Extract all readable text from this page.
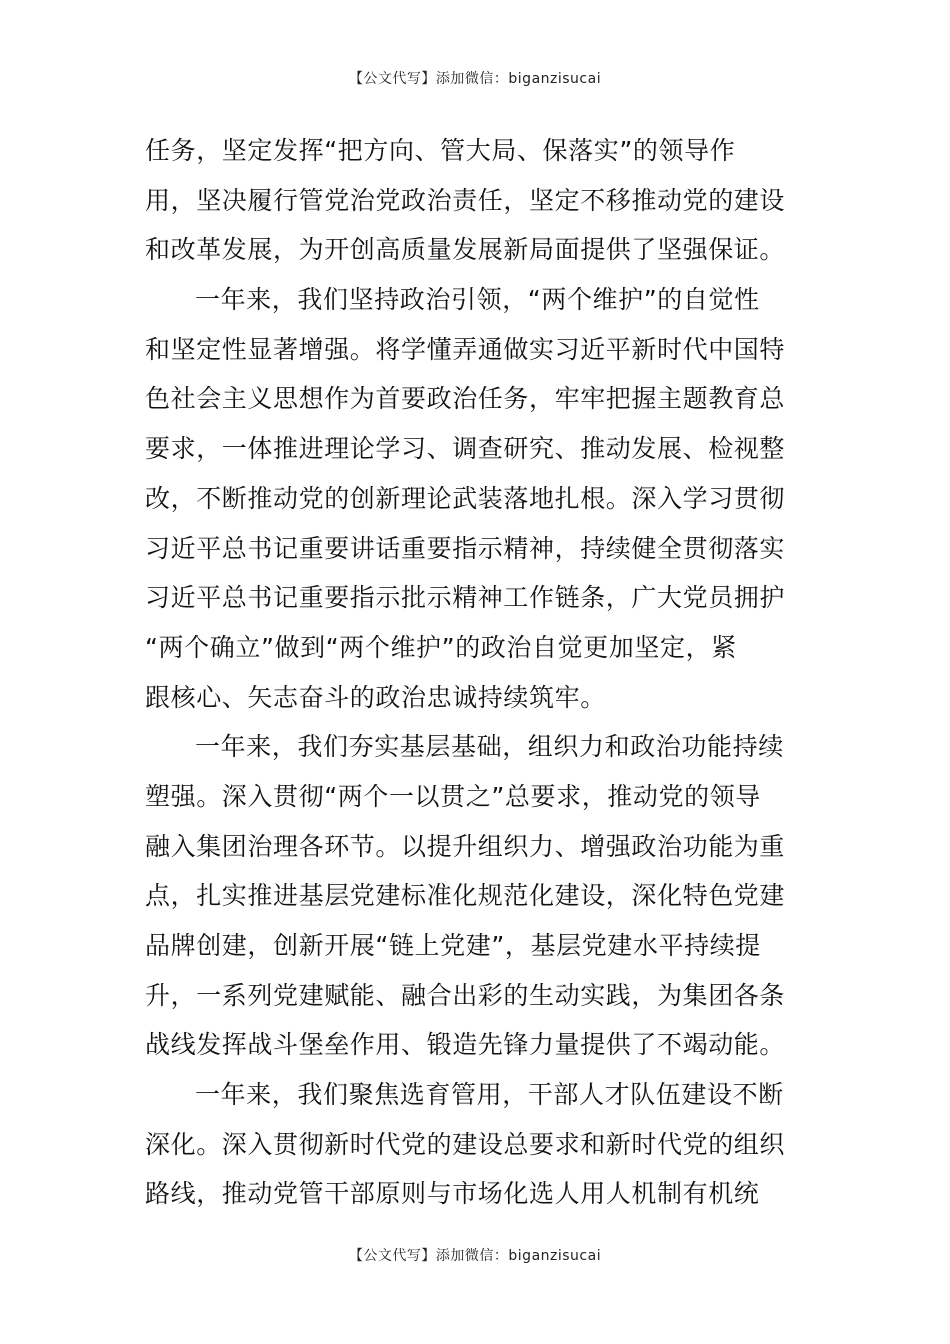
【公文代写】添加微信：biganzisucai
任务，坚定发挥“把方向、管大局、保落实”的领导作
用，坚决履行管党治党政治责任，坚定不移推动党的建设
和改革发展，为开创高质量发展新局面提供了坚强保证。
一年来，我们坚持政治引领，“两个维护”的自觉性
和坚定性显著增强。将学懂弄通做实习近平新时代中国特
色社会主义思想作为首要政治任务，牢牢把握主题教育总
要求，一体推进理论学习、调查研究、推动发展、检视整
改，不断推动党的创新理论武装落地扎根。深入学习贯彻
习近平总书记重要讲话重要指示精神，持续健全贯彻落实
习近平总书记重要指示批示精神工作链条，广大党员拥护
“两个确立”做到“两个维护”的政治自觉更加坚定，紧
跟核心、矢志奋斗的政治忠诚持续筑牢。
一年来，我们夯实基层基础，组织力和政治功能持续
塑强。深入贯彻“两个一以贯之”总要求，推动党的领导
融入集团治理各环节。以提升组织力、增强政治功能为重
点，扎实推进基层党建标准化规范化建设，深化特色党建
品牌创建，创新开展“链上党建”，基层党建水平持续提
升，一系列党建赋能、融合出彩的生动实践，为集团各条
战线发挥战斗堡垒作用、锻造先锋力量提供了不竭动能。
一年来，我们聚焦选育管用，干部人才队伍建设不断
深化。深入贯彻新时代党的建设总要求和新时代党的组织
路线，推动党管干部原则与市场化选人用人机制有机统
【公文代写】添加微信：biganzisucai
